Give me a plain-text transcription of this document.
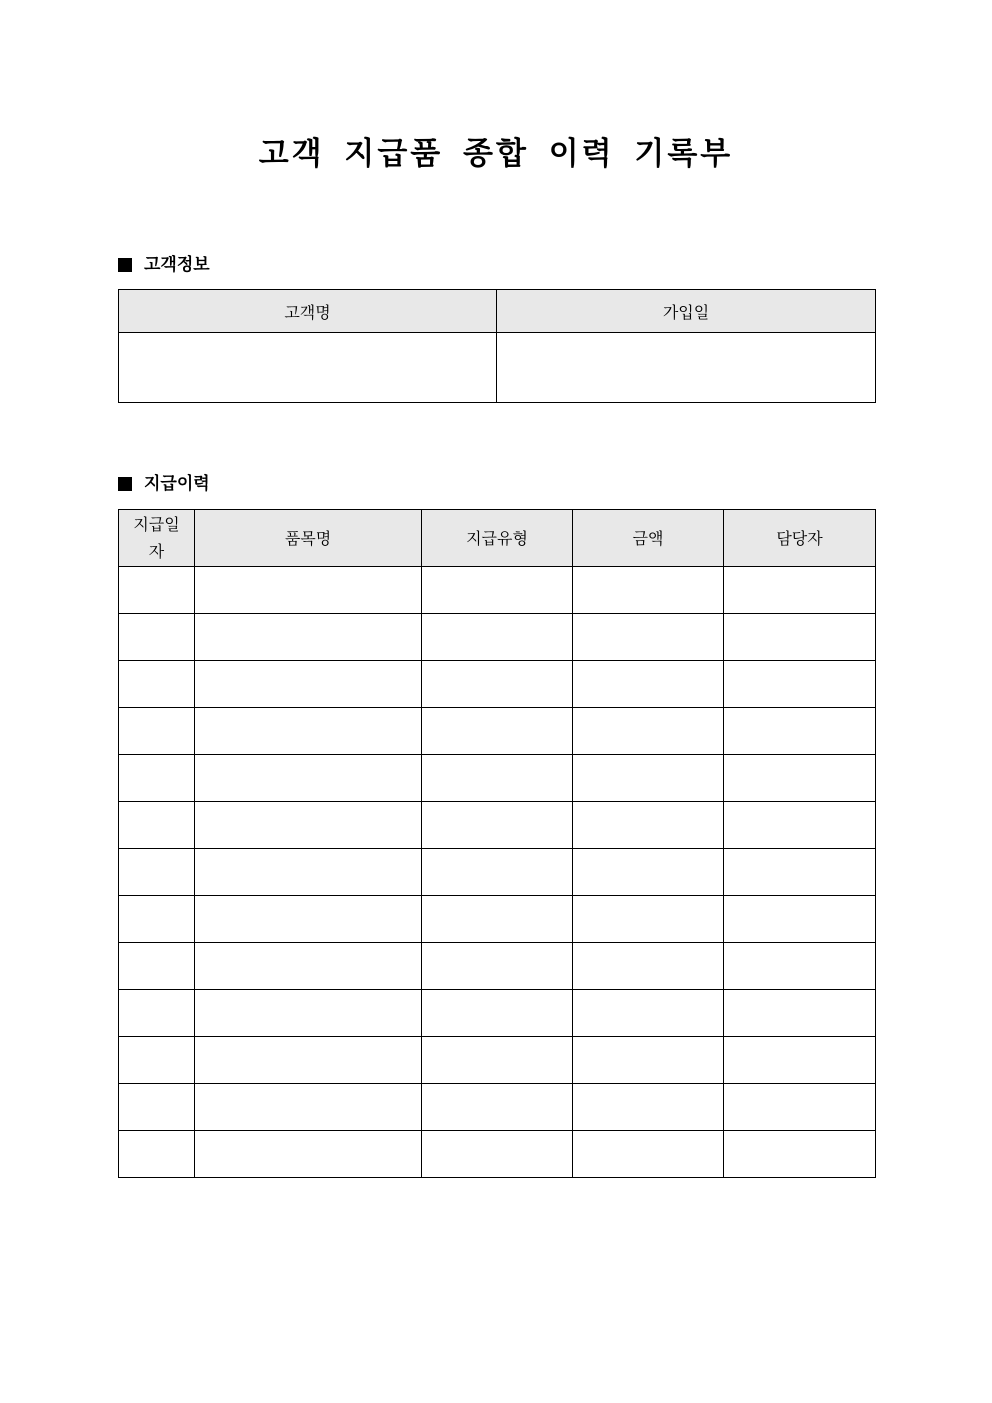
고객 지급품 종합 이력 기록부
고객정보
고객명	가입일

지급이력
지급일자	품목명	지급유형	금액	담당자
